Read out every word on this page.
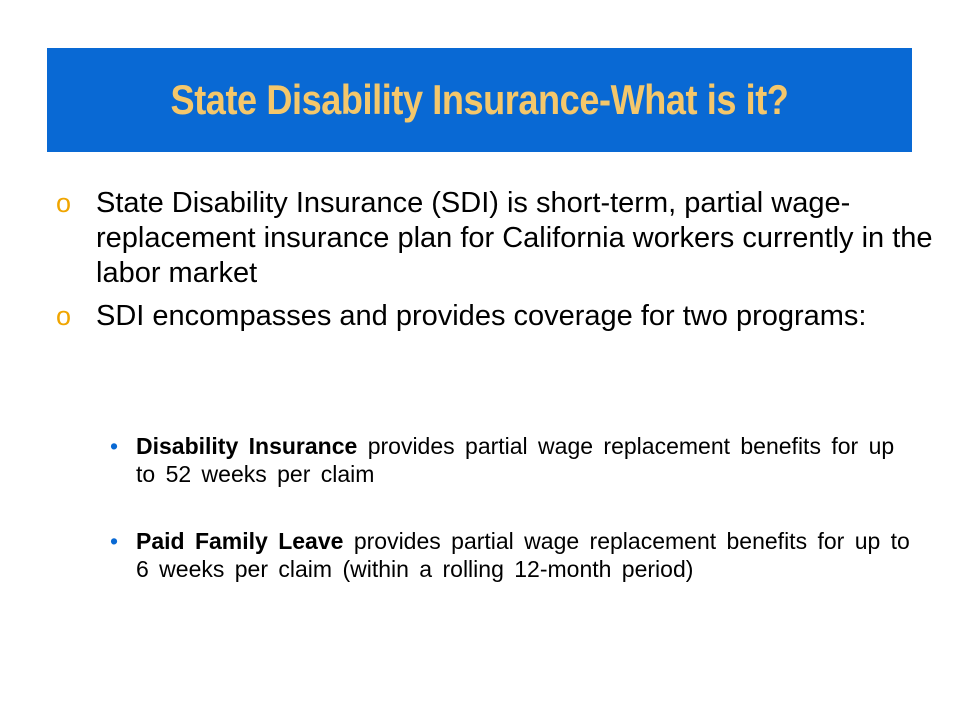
State Disability Insurance-What is it?
o State Disability Insurance (SDI) is short-term, partial wage-replacement insurance plan for California workers currently in the labor market
o SDI encompasses and provides coverage for two programs:
• Disability Insurance provides partial wage replacement benefits for up to 52 weeks per claim
• Paid Family Leave provides partial wage replacement benefits for up to 6 weeks per claim (within a rolling 12-month period)
